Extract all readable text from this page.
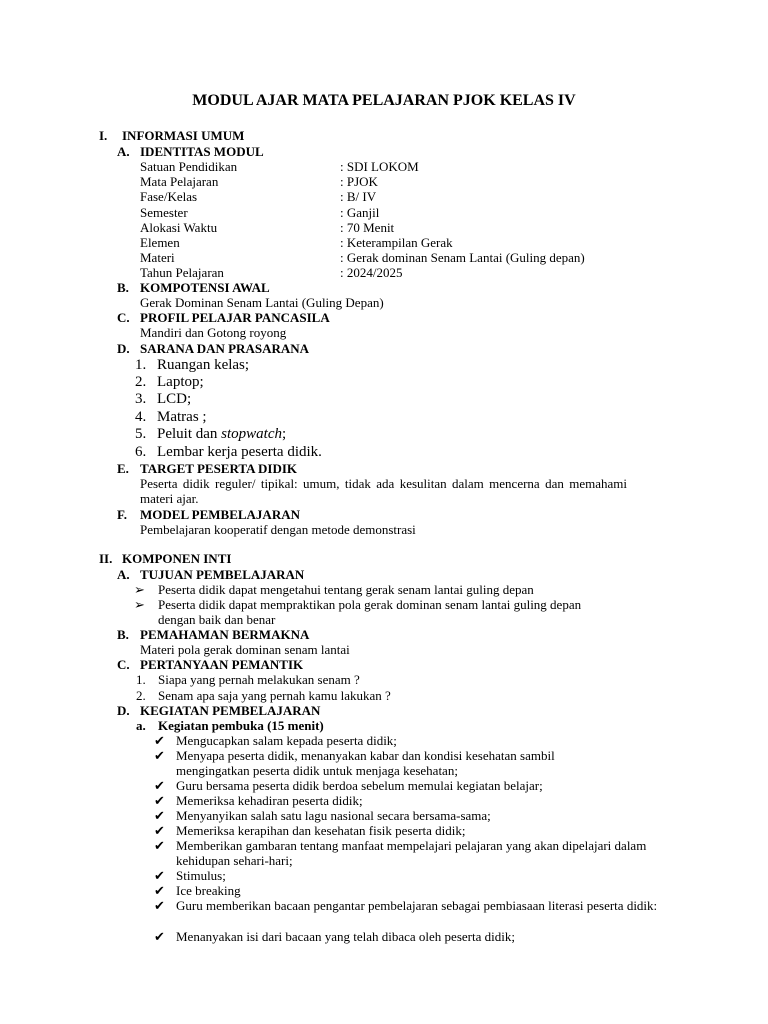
MODUL AJAR MATA PELAJARAN PJOK KELAS IV
I. INFORMASI UMUM
A. IDENTITAS MODUL
Satuan Pendidikan	: SDI LOKOM
Mata Pelajaran	: PJOK
Fase/Kelas	: B/ IV
Semester	: Ganjil
Alokasi Waktu	: 70 Menit
Elemen	: Keterampilan Gerak
Materi	: Gerak dominan Senam Lantai (Guling depan)
Tahun Pelajaran	: 2024/2025
B. KOMPOTENSI AWAL
Gerak Dominan Senam Lantai (Guling Depan)
C. PROFIL PELAJAR PANCASILA
Mandiri dan Gotong royong
D. SARANA DAN PRASARANA
1. Ruangan kelas;
2. Laptop;
3. LCD;
4. Matras ;
5. Peluit dan stopwatch;
6. Lembar kerja peserta didik.
E. TARGET PESERTA DIDIK
Peserta didik reguler/ tipikal: umum, tidak ada kesulitan dalam mencerna dan memahami materi ajar.
F. MODEL PEMBELAJARAN
Pembelajaran kooperatif dengan metode demonstrasi
II. KOMPONEN INTI
A. TUJUAN PEMBELAJARAN
➢ Peserta didik dapat mengetahui tentang gerak senam lantai guling depan
➢ Peserta didik dapat mempraktikan pola gerak dominan senam lantai guling depan dengan baik dan benar
B. PEMAHAMAN BERMAKNA
Materi pola gerak dominan senam lantai
C. PERTANYAAN PEMANTIK
1. Siapa yang pernah melakukan senam ?
2. Senam apa saja yang pernah kamu lakukan ?
D. KEGIATAN PEMBELAJARAN
a. Kegiatan pembuka (15 menit)
✔ Mengucapkan salam kepada peserta didik;
✔ Menyapa peserta didik, menanyakan kabar dan kondisi kesehatan sambil mengingatkan peserta didik untuk menjaga kesehatan;
✔ Guru bersama peserta didik berdoa sebelum memulai kegiatan belajar;
✔ Memeriksa kehadiran peserta didik;
✔ Menyanyikan salah satu lagu nasional secara bersama-sama;
✔ Memeriksa kerapihan dan kesehatan fisik peserta didik;
✔ Memberikan gambaran tentang manfaat mempelajari pelajaran yang akan dipelajari dalam kehidupan sehari-hari;
✔ Stimulus;
✔ Ice breaking
✔ Guru memberikan bacaan pengantar pembelajaran sebagai pembiasaan literasi peserta didik:
✔ Menanyakan isi dari bacaan yang telah dibaca oleh peserta didik;
